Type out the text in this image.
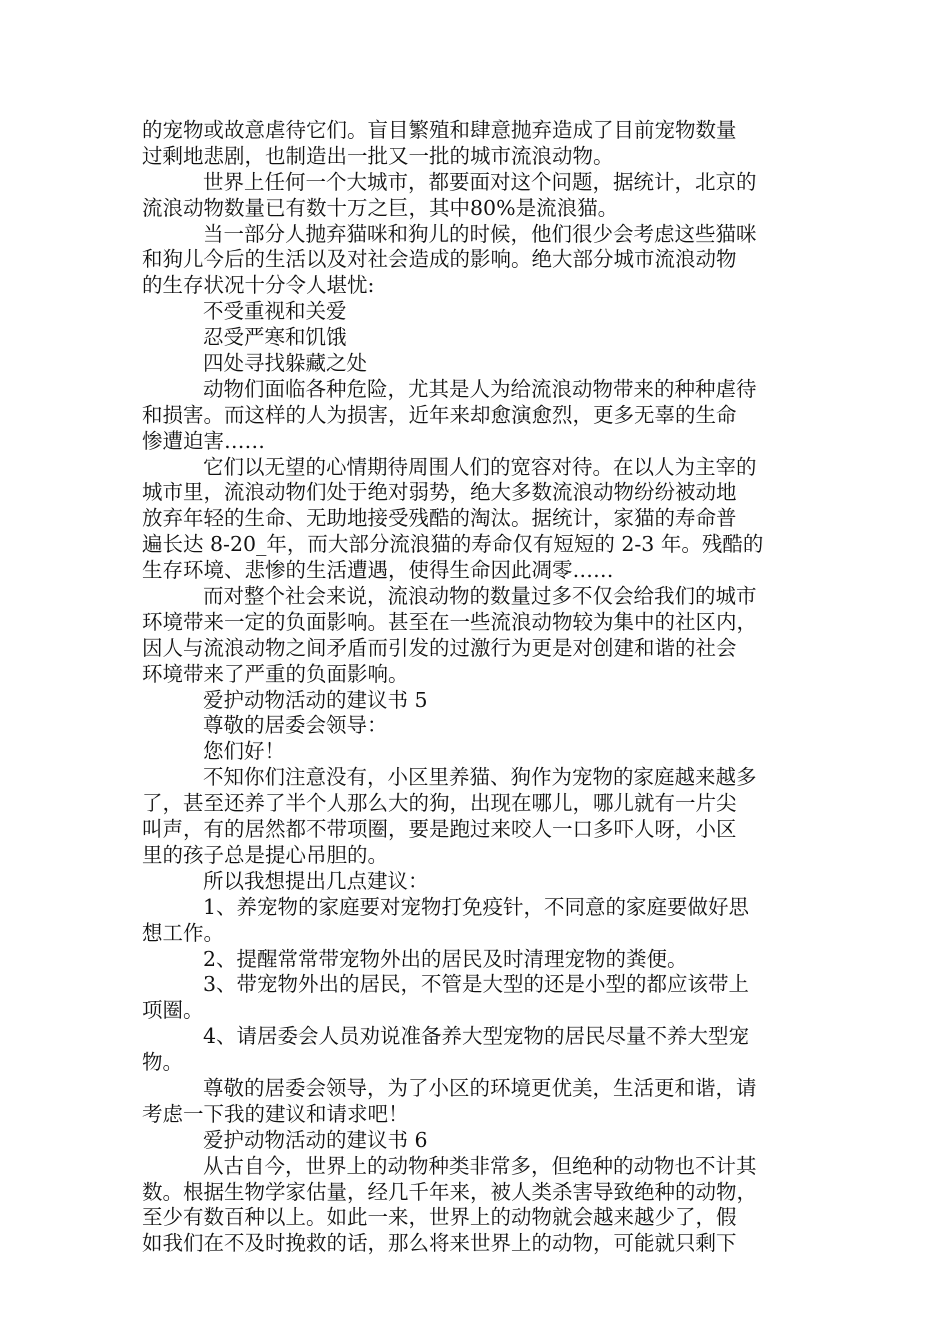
的宠物或故意虐待它们。盲目繁殖和肆意抛弃造成了目前宠物数量
过剩地悲剧，也制造出一批又一批的城市流浪动物。
世界上任何一个大城市，都要面对这个问题，据统计，北京的
流浪动物数量已有数十万之巨，其中80%是流浪猫。
当一部分人抛弃猫咪和狗儿的时候，他们很少会考虑这些猫咪
和狗儿今后的生活以及对社会造成的影响。绝大部分城市流浪动物
的生存状况十分令人堪忧:
不受重视和关爱
忍受严寒和饥饿
四处寻找躲藏之处
动物们面临各种危险，尤其是人为给流浪动物带来的种种虐待
和损害。而这样的人为损害，近年来却愈演愈烈，更多无辜的生命
惨遭迫害……
它们以无望的心情期待周围人们的宽容对待。在以人为主宰的
城市里，流浪动物们处于绝对弱势，绝大多数流浪动物纷纷被动地
放弃年轻的生命、无助地接受残酷的淘汰。据统计，家猫的寿命普
遍长达 8-20_年，而大部分流浪猫的寿命仅有短短的 2-3 年。残酷的
生存环境、悲惨的生活遭遇，使得生命因此凋零……
而对整个社会来说，流浪动物的数量过多不仅会给我们的城市
环境带来一定的负面影响。甚至在一些流浪动物较为集中的社区内，
因人与流浪动物之间矛盾而引发的过激行为更是对创建和谐的社会
环境带来了严重的负面影响。
爱护动物活动的建议书 5
尊敬的居委会领导：
您们好！
不知你们注意没有，小区里养猫、狗作为宠物的家庭越来越多
了，甚至还养了半个人那么大的狗，出现在哪儿，哪儿就有一片尖
叫声，有的居然都不带项圈，要是跑过来咬人一口多吓人呀，小区
里的孩子总是提心吊胆的。
所以我想提出几点建议：
1、养宠物的家庭要对宠物打免疫针，不同意的家庭要做好思
想工作。
2、提醒常常带宠物外出的居民及时清理宠物的粪便。
3、带宠物外出的居民，不管是大型的还是小型的都应该带上
项圈。
4、请居委会人员劝说准备养大型宠物的居民尽量不养大型宠
物。
尊敬的居委会领导，为了小区的环境更优美，生活更和谐，请
考虑一下我的建议和请求吧！
爱护动物活动的建议书 6
从古自今，世界上的动物种类非常多，但绝种的动物也不计其
数。根据生物学家估量，经几千年来，被人类杀害导致绝种的动物，
至少有数百种以上。如此一来，世界上的动物就会越来越少了，假
如我们在不及时挽救的话，那么将来世界上的动物，可能就只剩下
